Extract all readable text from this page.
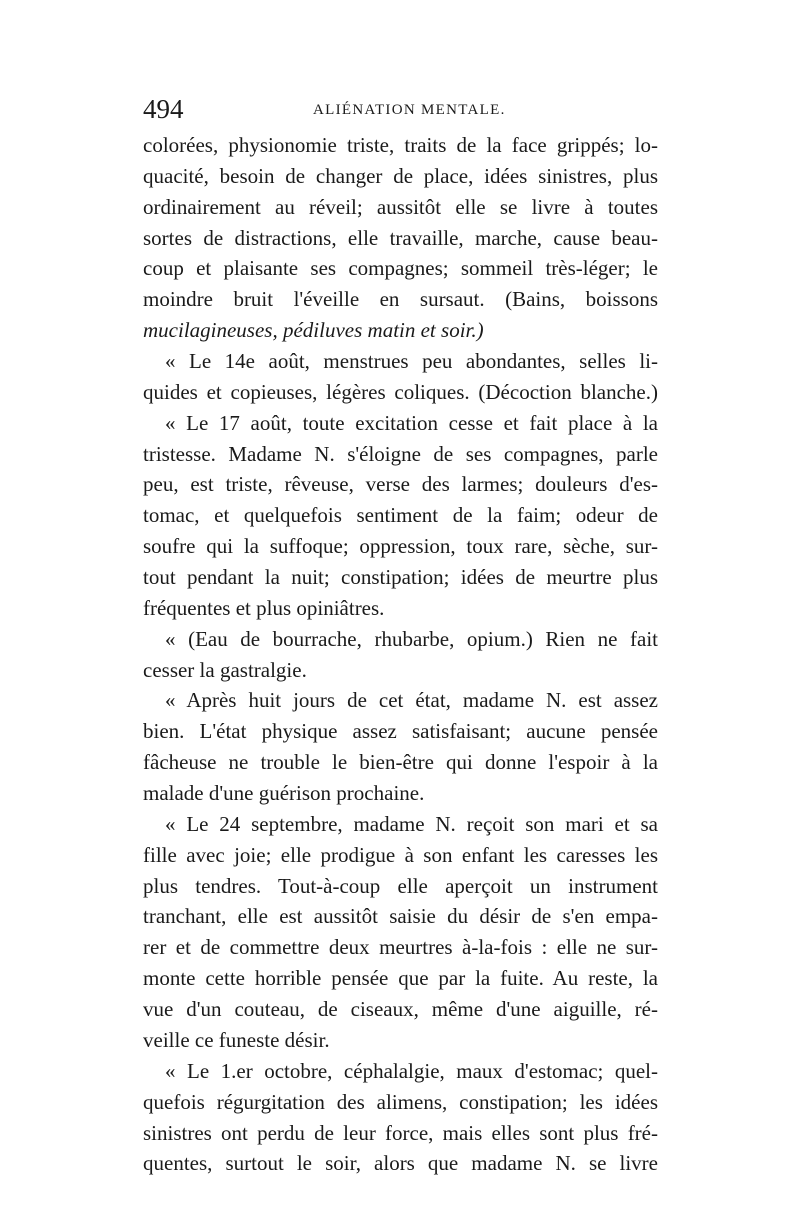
494	ALIÉNATION MENTALE.
colorées, physionomie triste, traits de la face grippés; lo-
quacité, besoin de changer de place, idées sinistres, plus
ordinairement au réveil; aussitôt elle se livre à toutes
sortes de distractions, elle travaille, marche, cause beau-
coup et plaisante ses compagnes; sommeil très-léger; le
moindre bruit l'éveille en sursaut. (Bains, boissons
mucilagineuses, pédiluves matin et soir.)
« Le 14e août, menstrues peu abondantes, selles li-
quides et copieuses, légères coliques. (Décoction blanche.)
« Le 17 août, toute excitation cesse et fait place à la
tristesse. Madame N. s'éloigne de ses compagnes, parle
peu, est triste, rêveuse, verse des larmes; douleurs d'es-
tomac, et quelquefois sentiment de la faim; odeur de
soufre qui la suffoque; oppression, toux rare, sèche, sur-
tout pendant la nuit; constipation; idées de meurtre plus
fréquentes et plus opiniâtres.
« (Eau de bourrache, rhubarbe, opium.) Rien ne fait
cesser la gastralgie.
« Après huit jours de cet état, madame N. est assez
bien. L'état physique assez satisfaisant; aucune pensée
fâcheuse ne trouble le bien-être qui donne l'espoir à la
malade d'une guérison prochaine.
« Le 24 septembre, madame N. reçoit son mari et sa
fille avec joie; elle prodigue à son enfant les caresses les
plus tendres. Tout-à-coup elle aperçoit un instrument
tranchant, elle est aussitôt saisie du désir de s'en empa-
rer et de commettre deux meurtres à-la-fois : elle ne sur-
monte cette horrible pensée que par la fuite. Au reste, la
vue d'un couteau, de ciseaux, même d'une aiguille, ré-
veille ce funeste désir.
« Le 1.er octobre, céphalalgie, maux d'estomac; quel-
quefois régurgitation des alimens, constipation; les idées
sinistres ont perdu de leur force, mais elles sont plus fré-
quentes, surtout le soir, alors que madame N. se livre
